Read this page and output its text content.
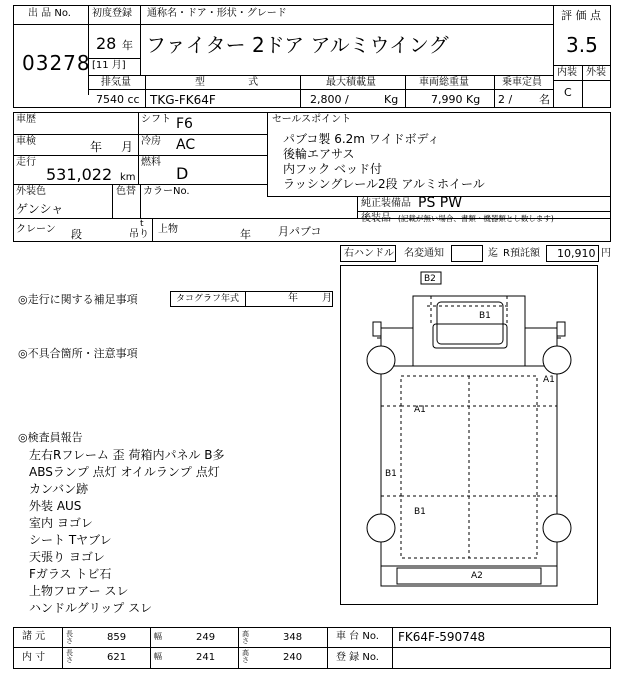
出 品 No.
03278
初度登録
28 年
[11 月]
通称名・ドア・形状・グレード
ファイター 2ドア アルミウイング
評 価 点
3.5
内装 外装
C
排気量
7540 cc
型 式
TKG-FK64F
最大積載量
2,800 /	Kg
車両総重量
7,990 Kg
乗車定員
2 / 名
車歴	シフト F6
車検	年 月 冷房 AC
走行
531,022 km
燃料
D
外装色
ゲンシャ
色替 カラーNo.
クレーン 段
t
吊り 上物	年 月パブコ
セールスポイント
パブコ製 6.2m ワイドボディ
後輪エアサス
内フック ベッド付
ラッシングレール2段 アルミホイール
純正装備品 PS PW
後装品 (記載が無い場合、書類・機器類とし数します)
右ハンドル 名変通知	迄 R預託額 10,910 円
◎走行に関する補足事項	タコグラフ年式	年 月
◎不具合箇所・注意事項
◎検査員報告
左右Rフレーム 歪 荷箱内パネル B多
ABSランプ 点灯 オイルランプ 点灯
カンバン跡
外装 AUS
室内 ヨゴレ
シート Tヤブレ
天張り ヨゴレ
Fガラス トビ石
上物フロアー スレ
ハンドルグリップ スレ
B2
B1
A1
A1
B1
B1
A2
諸 元
内 寸
長さ	859	幅	249	高さ	348
長さ	621	幅	241	高さ	240
車 台 No. FK64F-590748
登 録 No.
